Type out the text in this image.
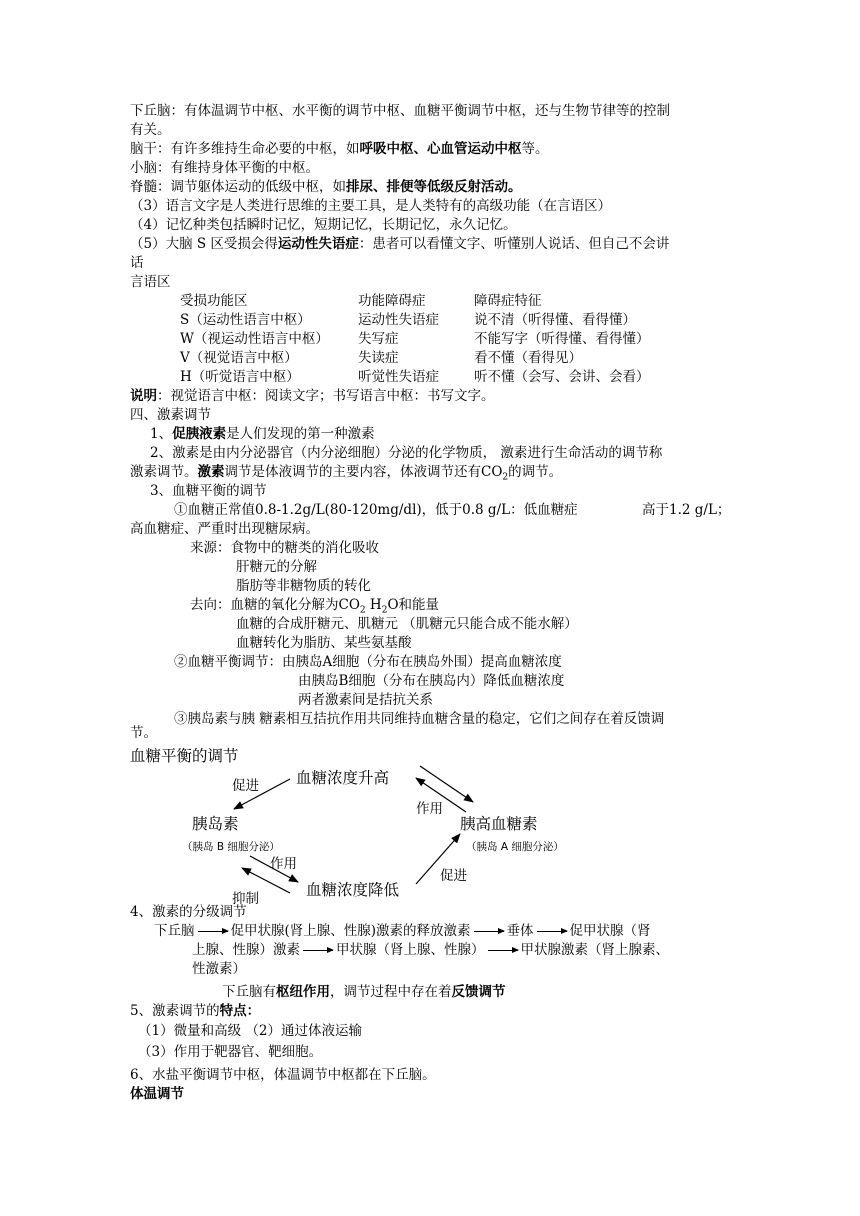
下丘脑：有体温调节中枢、水平衡的调节中枢、血糖平衡调节中枢，还与生物节律等的控制
有关。
脑干：有许多维持生命必要的中枢，如呼吸中枢、心血管运动中枢等。
小脑：有维持身体平衡的中枢。
脊髓：调节躯体运动的低级中枢，如排尿、排便等低级反射活动。
（3）语言文字是人类进行思维的主要工具，是人类特有的高级功能（在言语区）
（4）记忆种类包括瞬时记忆，短期记忆，长期记忆，永久记忆。
（5）大脑 S 区受损会得运动性失语症：患者可以看懂文字、听懂别人说话、但自己不会讲
话
言语区
受损功能区	功能障碍症	障碍症特征
S（运动性语言中枢）	运动性失语症	说不清（听得懂、看得懂）
W（视运动性语言中枢） 失写症	不能写字（听得懂、看得懂）
V（视觉语言中枢）	失读症	看不懂（看得见）
H（听觉语言中枢）	听觉性失语症	听不懂（会写、会讲、会看）
说明：视觉语言中枢：阅读文字；书写语言中枢：书写文字。
四、激素调节
1、促胰液素是人们发现的第一种激素
2、激素是由内分泌器官（内分泌细胞）分泌的化学物质， 激素进行生命活动的调节称
激素调节。激素调节是体液调节的主要内容，体液调节还有$CO_2$的调节。
3、血糖平衡的调节
①血糖正常值0.8-1.2g/L(80-120mg/dl)，低于0.8 g/L：低血糖症	高于1.2 g/L；
高血糖症、严重时出现糖尿病。
来源：食物中的糖类的消化吸收
肝糖元的分解
脂肪等非糖物质的转化
去向：血糖的氧化分解为$CO_2$ $H_2O$和能量
血糖的合成肝糖元、肌糖元 （肌糖元只能合成不能水解）
血糖转化为脂肪、某些氨基酸
②血糖平衡调节：由胰岛A细胞（分布在胰岛外围）提高血糖浓度
由胰岛B细胞（分布在胰岛内）降低血糖浓度
两者激素间是拮抗关系
③胰岛素与胰 糖素相互拮抗作用共同维持血糖含量的稳定，它们之间存在着反馈调
节。
血糖平衡的调节
血糖浓度升高
促进
作用
胰岛素	胰高血糖素
（胰岛 B 细胞分泌）	（胰岛 A 细胞分泌）
作用
促进
血糖浓度降低
抑制
4、激素的分级调节
下丘脑	促甲状腺(肾上腺、性腺)激素的释放激素	垂体	促甲状腺（肾
上腺、性腺）激素	甲状腺（肾上腺、性腺）	甲状腺激素（肾上腺素、
性激素）
下丘脑有枢纽作用，调节过程中存在着反馈调节
5、激素调节的特点：
（1）微量和高级 （2）通过体液运输
（3）作用于靶器官、靶细胞。
6、水盐平衡调节中枢，体温调节中枢都在下丘脑。
体温调节
